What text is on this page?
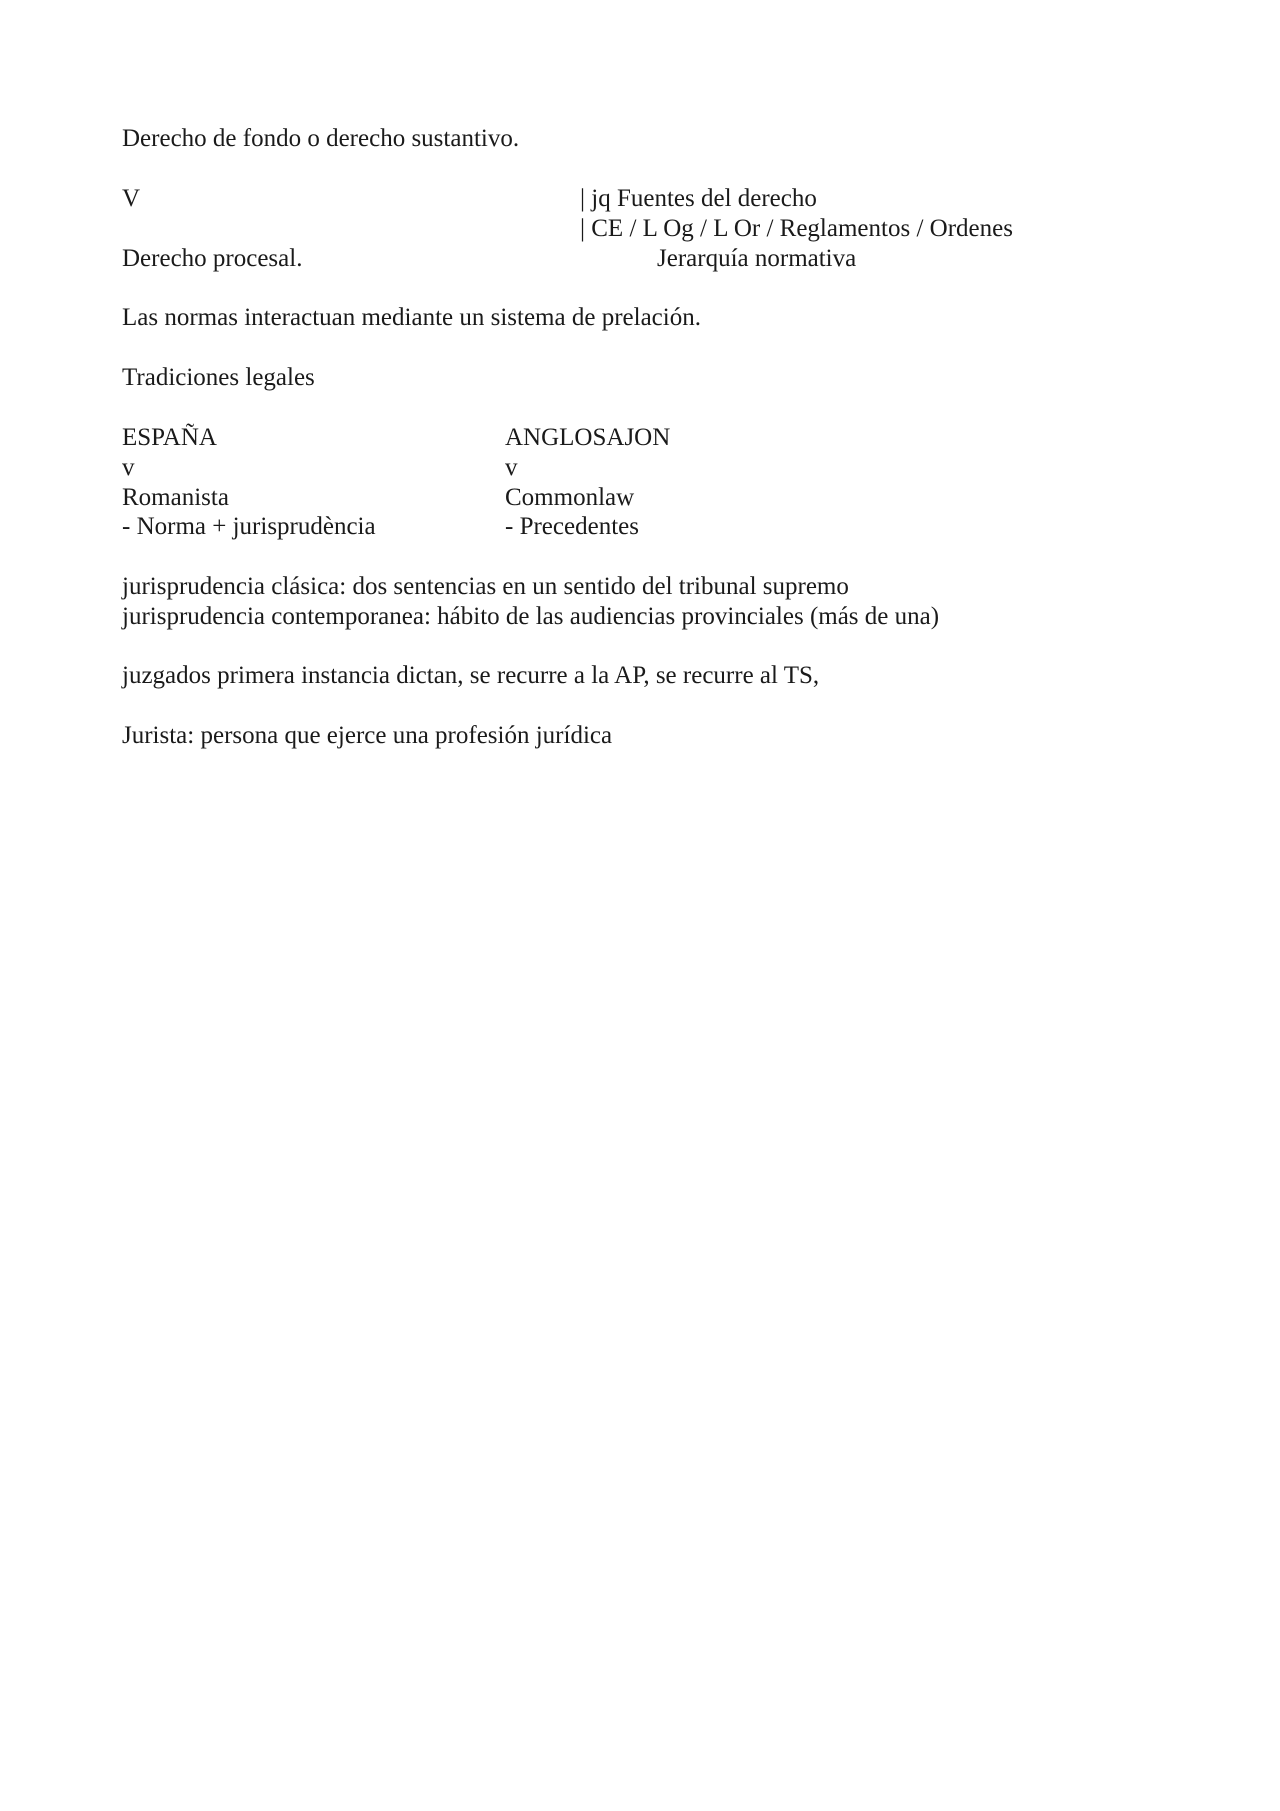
Derecho de fondo o derecho sustantivo.
V	| jq Fuentes del derecho
| CE / L Og / L Or / Reglamentos / Ordenes
Derecho procesal.	Jerarquía normativa
Las normas interactuan mediante un sistema de prelación.
Tradiciones legales
ESPAÑA	ANGLOSAJON
v	v
Romanista	Commonlaw
- Norma + jurisprudència	- Precedentes
jurisprudencia clásica: dos sentencias en un sentido del tribunal supremo
jurisprudencia contemporanea: hábito de las audiencias provinciales (más de una)
juzgados primera instancia dictan, se recurre a la AP, se recurre al TS,
Jurista: persona que ejerce una profesión jurídica
